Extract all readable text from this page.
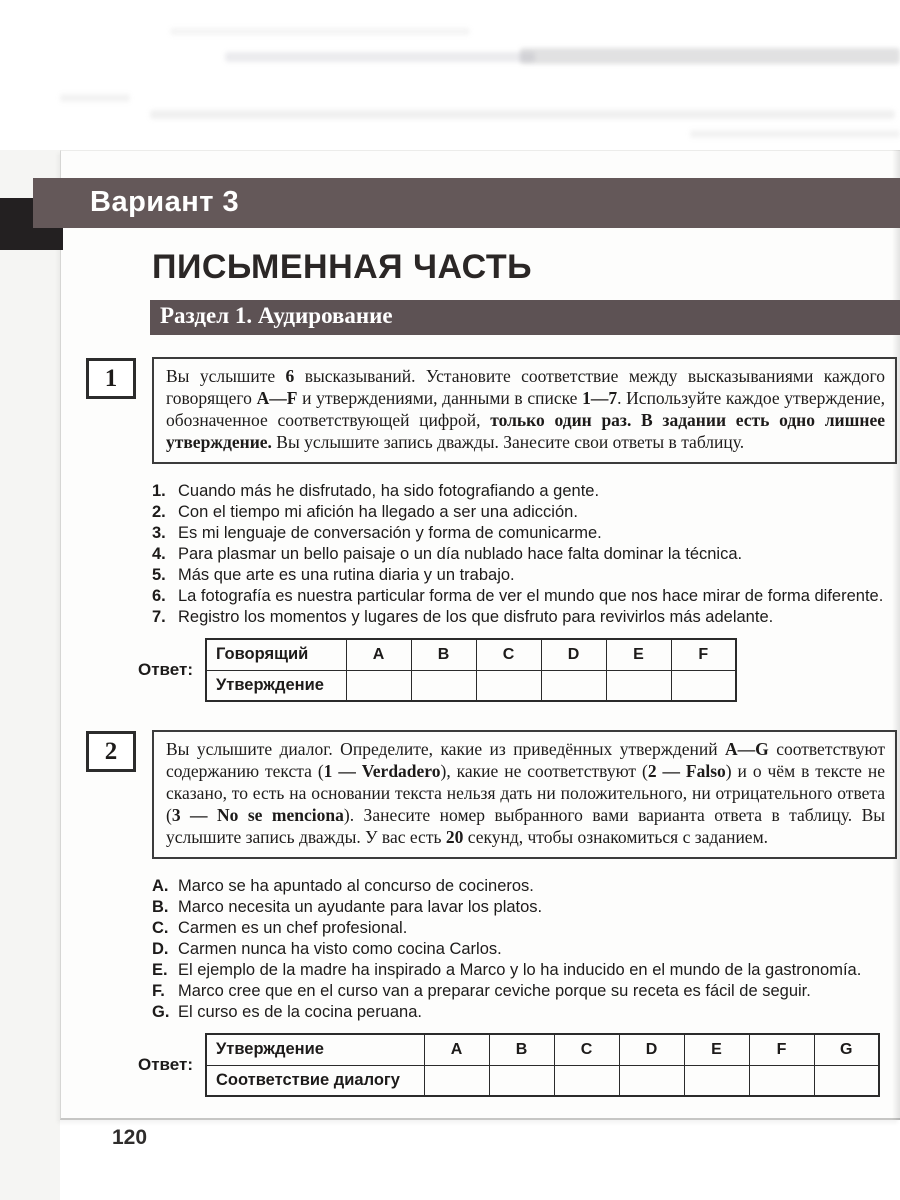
Вариант 3
ПИСЬМЕННАЯ ЧАСТЬ
Раздел 1. Аудирование
1	Вы услышите 6 высказываний. Установите соответствие между высказываниями каждого говорящего A—F и утверждениями, данными в списке 1—7. Используйте каждое утверждение, обозначенное соответствующей цифрой, только один раз. В задании есть одно лишнее утверждение. Вы услышите запись дважды. Занесите свои ответы в таблицу.
1. Cuando más he disfrutado, ha sido fotografiando a gente.
2. Con el tiempo mi afición ha llegado a ser una adicción.
3. Es mi lenguaje de conversación y forma de comunicarme.
4. Para plasmar un bello paisaje o un día nublado hace falta dominar la técnica.
5. Más que arte es una rutina diaria y un trabajo.
6. La fotografía es nuestra particular forma de ver el mundo que nos hace mirar de forma diferente.
7. Registro los momentos y lugares de los que disfruto para revivirlos más adelante.
Ответ:
Говорящий	A	B	C	D	E	F
Утверждение						
2	Вы услышите диалог. Определите, какие из приведённых утверждений A—G соответствуют содержанию текста (1 — Verdadero), какие не соответствуют (2 — Falso) и о чём в тексте не сказано, то есть на основании текста нельзя дать ни положительного, ни отрицательного ответа (3 — No se menciona). Занесите номер выбранного вами варианта ответа в таблицу. Вы услышите запись дважды. У вас есть 20 секунд, чтобы ознакомиться с заданием.
A. Marco se ha apuntado al concurso de cocineros.
B. Marco necesita un ayudante para lavar los platos.
C. Carmen es un chef profesional.
D. Carmen nunca ha visto como cocina Carlos.
E. El ejemplo de la madre ha inspirado a Marco y lo ha inducido en el mundo de la gastronomía.
F. Marco cree que en el curso van a preparar ceviche porque su receta es fácil de seguir.
G. El curso es de la cocina peruana.
Ответ:
Утверждение	A	B	C	D	E	F	G
Соответствие диалогу							
120
